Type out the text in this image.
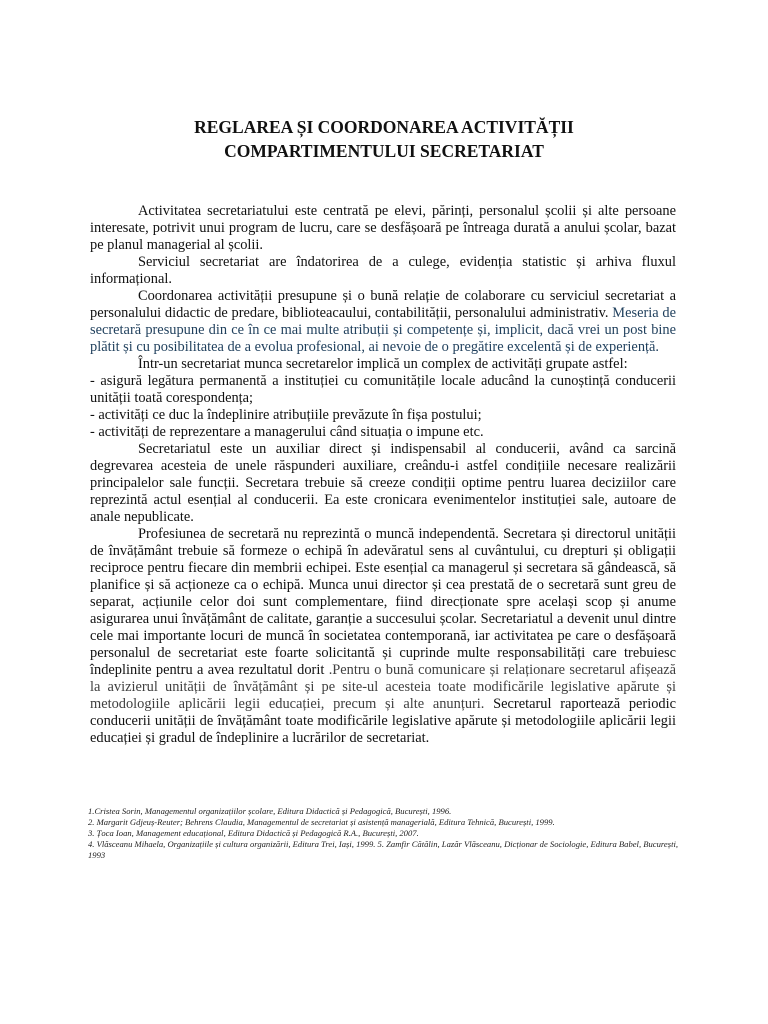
REGLAREA ȘI COORDONAREA ACTIVITĂȚII
COMPARTIMENTULUI SECRETARIAT

Activitatea secretariatului este centrată pe elevi, părinți, personalul școlii și alte persoane interesate, potrivit unui program de lucru, care se desfășoară pe întreaga durată a anului școlar, bazat pe planul managerial al școlii.

Serviciul secretariat are îndatorirea de a culege, evidenția statistic și arhiva fluxul informațional.

Coordonarea activității presupune și o bună relație de colaborare cu serviciul secretariat a personalului didactic de predare, biblioteacaului, contabilității, personalului administrativ. Meseria de secretară presupune din ce în ce mai multe atribuții și competențe și, implicit, dacă vrei un post bine plătit și cu posibilitatea de a evolua profesional, ai nevoie de o pregătire excelentă și de experiență.

Într-un secretariat munca secretarelor implică un complex de activități grupate astfel:

- asigură legătura permanentă a instituției cu comunitățile locale aducând la cunoștință conducerii unității toată corespondența;

- activități ce duc la îndeplinire atribuțiile prevăzute în fișa postului;

- activități de reprezentare a managerului când situația o impune etc.

Secretariatul este un auxiliar direct și indispensabil al conducerii, având ca sarcină degrevarea acesteia de unele răspunderi auxiliare, creându-i astfel condițiile necesare realizării principalelor sale funcții. Secretara trebuie să creeze condiții optime pentru luarea deciziilor care reprezintă actul esențial al conducerii. Ea este cronicara evenimentelor instituției sale, autoare de anale nepublicate.

Profesiunea de secretară nu reprezintă o muncă independentă. Secretara și directorul unității de învățământ trebuie să formeze o echipă în adevăratul sens al cuvântului, cu drepturi și obligații reciproce pentru fiecare din membrii echipei. Este esențial ca managerul și secretara să gândească, să planifice și să acționeze ca o echipă. Munca unui director și cea prestată de o secretară sunt greu de separat, acțiunile celor doi sunt complementare, fiind direcționate spre același scop și anume asigurarea unui învățământ de calitate, garanție a succesului școlar. Secretariatul a devenit unul dintre cele mai importante locuri de muncă în societatea contemporană, iar activitatea pe care o desfășoară personalul de secretariat este foarte solicitantă și cuprinde multe responsabilități care trebuiesc îndeplinite pentru a avea rezultatul dorit .Pentru o bună comunicare și relaționare secretarul afișează la avizierul unității de învățământ și pe site-ul acesteia toate modificările legislative apărute și metodologiile aplicării legii educației, precum și alte anunțuri. Secretarul raportează periodic conducerii unității de învățământ toate modificările legislative apărute și metodologiile aplicării legii educației și gradul de îndeplinire a lucrărilor de secretariat.

1.Cristea Sorin, Managementul organizațiilor școlare, Editura Didactică și Pedagogică, București, 1996.

2. Margarit Gdjeuș-Reuter; Behrens Claudia, Managementul de secretariat și asistență managerială, Editura Tehnică, București, 1999.

3. Țoca Ioan, Management educațional, Editura Didactică și Pedagogică R.A., București, 2007.

4. Vlăsceanu Mihaela, Organizațiile și cultura organizării, Editura Trei, Iași, 1999. 5. Zamfir Cătălin, Lazăr Vlăsceanu, Dicționar de Sociologie, Editura Babel, București, 1993
